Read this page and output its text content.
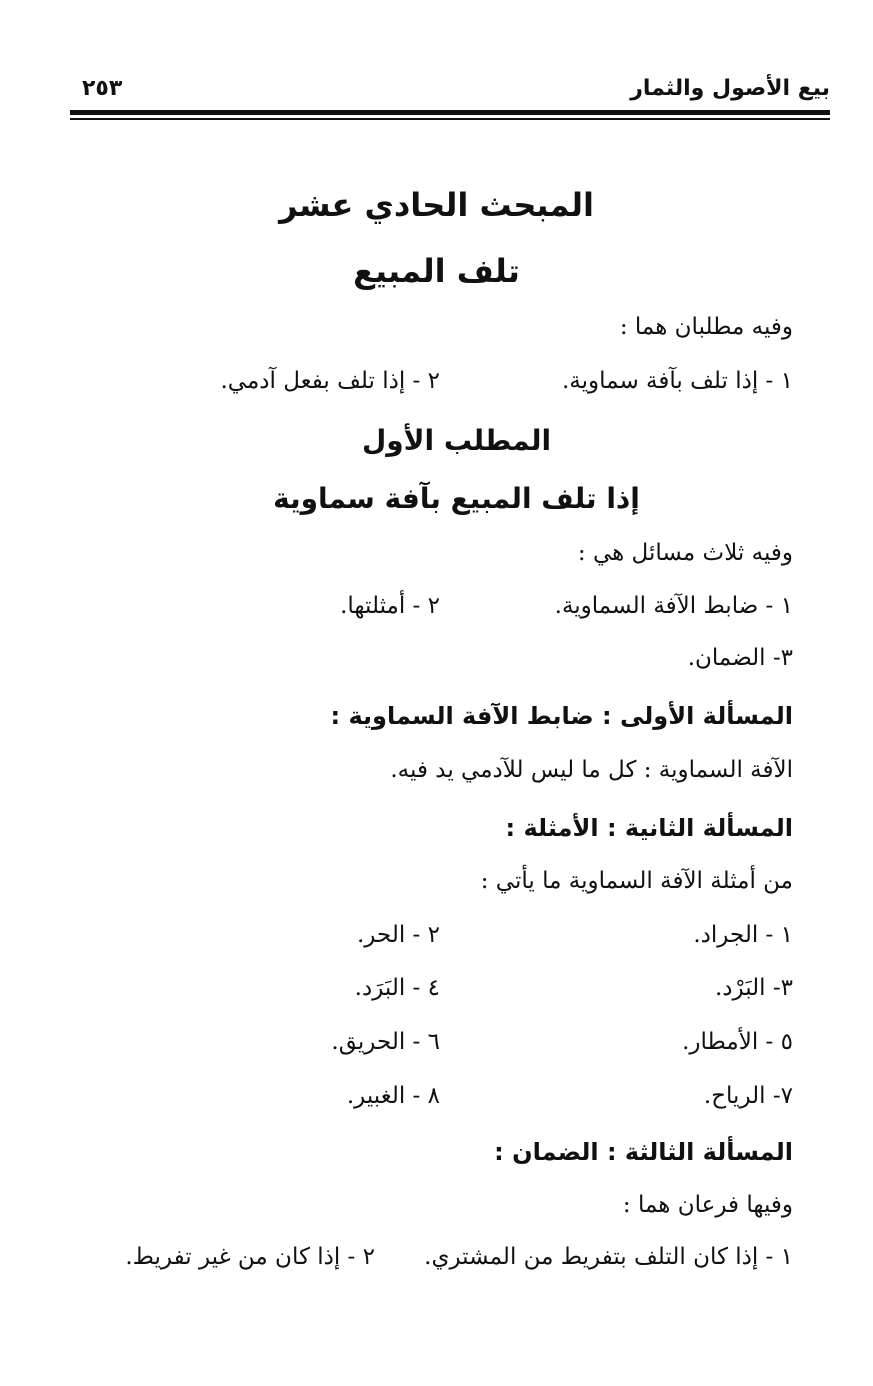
بيع الأصول والثمار
٢٥٣
المبحث الحادي عشر
تلف المبيع
وفيه مطلبان هما :
١ - إذا تلف بآفة سماوية.
٢ - إذا تلف بفعل آدمي.
المطلب الأول
إذا تلف المبيع بآفة سماوية
وفيه ثلاث مسائل هي :
١ - ضابط الآفة السماوية.
٢ - أمثلتها.
٣- الضمان.
المسألة الأولى : ضابط الآفة السماوية :
الآفة السماوية : كل ما ليس للآدمي يد فيه.
المسألة الثانية : الأمثلة :
من أمثلة الآفة السماوية ما يأتي :
١ - الجراد.
٢ - الحر.
٣- البَرْد.
٤ - البَرَد.
٥ - الأمطار.
٦ - الحريق.
٧- الرياح.
٨ - الغبير.
المسألة الثالثة : الضمان :
وفيها فرعان هما :
١ - إذا كان التلف بتفريط من المشتري.
٢ - إذا كان من غير تفريط.
